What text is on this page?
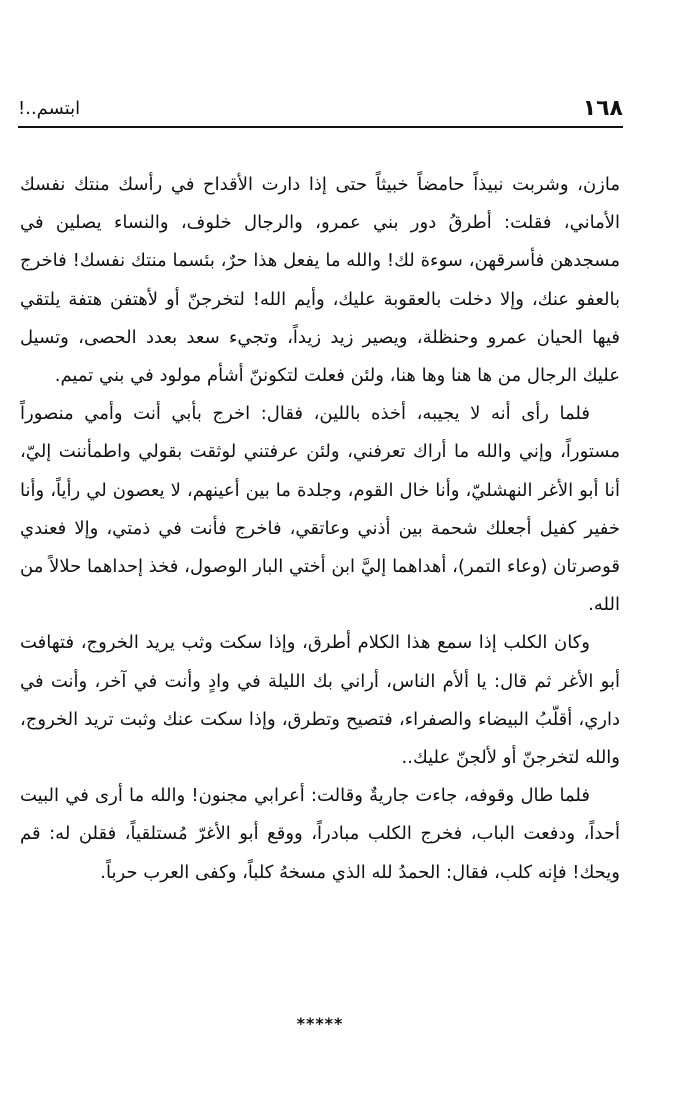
١٦٨
ابتسم..!

مازن، وشربت نبيذاً حامضاً خبيثاً حتى إذا دارت الأقداح في رأسك منتك نفسك الأماني، فقلت: أطرقُ دور بني عمرو، والرجال خلوف، والنساء يصلين في مسجدهن فأسرقهن، سوءة لك! والله ما يفعل هذا حرٌ، بئسما منتك نفسك! فاخرج بالعفو عنك، وإلا دخلت بالعقوبة عليك، وأيم الله! لتخرجنّ أو لأهتفن هتفة يلتقي فيها الحيان عمرو وحنظلة، ويصير زيد زيداً، وتجيء سعد بعدد الحصى، وتسيل عليك الرجال من ها هنا وها هنا، ولئن فعلت لتكوننّ أشأم مولود في بني تميم.

فلما رأى أنه لا يجيبه، أخذه باللين، فقال: اخرج بأبي أنت وأمي منصوراً مستوراً، وإني والله ما أراك تعرفني، ولئن عرفتني لوثقت بقولي واطمأننت إليّ، أنا أبو الأغر النهشليّ، وأنا خال القوم، وجلدة ما بين أعينهم، لا يعصون لي رأياً، وأنا خفير كفيل أجعلك شحمة بين أذني وعاتقي، فاخرج فأنت في ذمتي، وإلا فعندي قوصرتان (وعاء التمر)، أهداهما إليَّ ابن أختي البار الوصول، فخذ إحداهما حلالاً من الله.

وكان الكلب إذا سمع هذا الكلام أطرق، وإذا سكت وثب يريد الخروج، فتهافت أبو الأغر ثم قال: يا ألأم الناس، أراني بك الليلة في وادٍ وأنت في آخر، وأنت في داري، أقلّبُ البيضاء والصفراء، فتصيح وتطرق، وإذا سكت عنك وثبت تريد الخروج، والله لتخرجنّ أو لألجنّ عليك..

فلما طال وقوفه، جاءت جاريةٌ وقالت: أعرابي مجنون! والله ما أرى في البيت أحداً، ودفعت الباب، فخرج الكلب مبادراً، ووقع أبو الأغرّ مُستلقياً، فقلن له: قم ويحك! فإنه كلب، فقال: الحمدُ لله الذي مسخهُ كلباً، وكفى العرب حرباً.

*****
